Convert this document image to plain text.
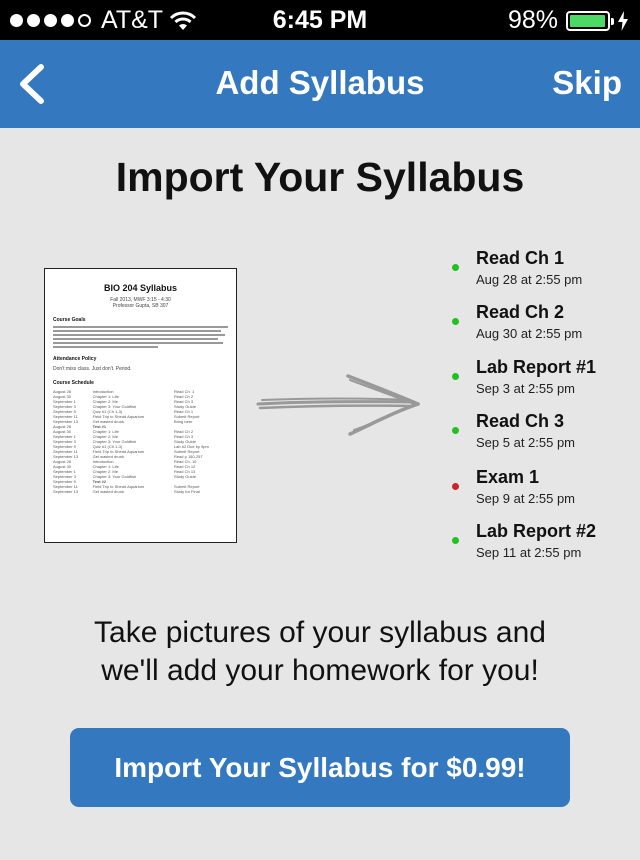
AT&T	6:45 PM	98%
Add Syllabus	Skip
Import Your Syllabus
BIO 204 Syllabus
Fall 2013, MWF 3:15 - 4:30
Professor Gupta, SB 307
Course Goals
Attendance Policy
Don't miss class. Just don't. Period.
Course Schedule
August 28	Introduction	Read Ch. 1
August 30	Chapter 1: Life	Read Ch 2
September 1	Chapter 2: Me	Read Ch 3
September 3	Chapter 3: Your Goldfish	Study Guide
September 5	Quiz #1 (Ch 1-3)	Read Ch 1
September 11	Field Trip to Shedd Aquarium	Submit Report
September 13	Get wasted drunk	Bring beer
August 28	Test #1	
August 30	Chapter 1: Life	Read Ch 2
September 1	Chapter 2: Me	Read Ch 3
September 3	Chapter 3: Your Goldfish	Study Guide
September 9	Quiz #1 (Ch 1-3)	Lab #2 Due by 5pm
September 11	Field Trip to Shedd Aquarium	Submit Report
September 13	Get wasted drunk	Read p 150-257
August 28	Introduction	Read Ch. 10
August 30	Chapter 1: Life	Read Ch 12
September 1	Chapter 2: Me	Read Ch 13
September 3	Chapter 3: Your Goldfish	Study Guide
September 9	Test #2	
September 11	Field Trip to Shedd Aquarium	Submit Report
September 13	Get wasted drunk	Study for Final
Read Ch 1
Aug 28 at 2:55 pm
Read Ch 2
Aug 30 at 2:55 pm
Lab Report #1
Sep 3 at 2:55 pm
Read Ch 3
Sep 5 at 2:55 pm
Exam 1
Sep 9 at 2:55 pm
Lab Report #2
Sep 11 at 2:55 pm
Take pictures of your syllabus and
we'll add your homework for you!
Import Your Syllabus for $0.99!
